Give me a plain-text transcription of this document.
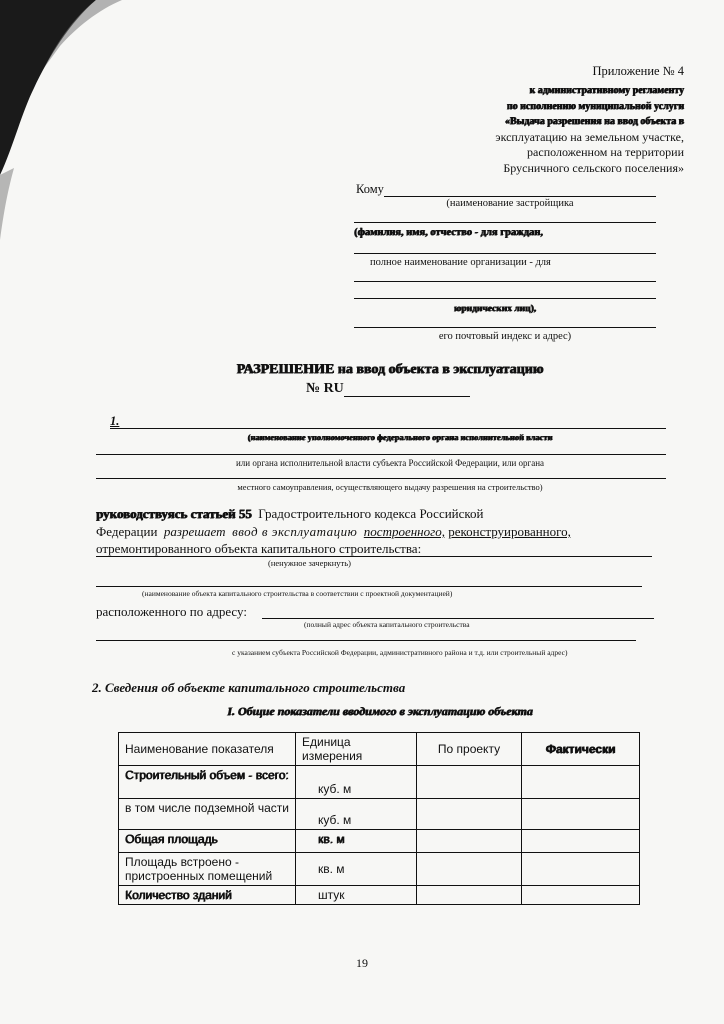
Приложение № 4
к административному регламенту
по исполнению муниципальной услуги
«Выдача разрешения на ввод объекта в
эксплуатацию на земельном участке,
расположенном на территории
Брусничного сельского поселения»
Кому
(наименование застройщика
(фамилия, имя, отчество - для граждан,
полное наименование организации - для
юридических лиц),
его почтовый индекс и адрес)
РАЗРЕШЕНИЕ на ввод объекта в эксплуатацию
№ RU
1.
(наименование уполномоченного федерального органа исполнительной власти
или органа исполнительной власти субъекта Российской Федерации, или органа
местного самоуправления, осуществляющего выдачу разрешения на строительство)
руководствуясь статьей 55 Градостроительного кодекса Российской
Федерации разрешает ввод в эксплуатацию построенного, реконструированного,
отремонтированного объекта капитального строительства:
(ненужное зачеркнуть)
(наименование объекта капитального строительства в соответствии с проектной документацией)
расположенного по адресу:
(полный адрес объекта капитального строительства
с указанием субъекта Российской Федерации, административного района и т.д. или строительный адрес)
2. Сведения об объекте капитального строительства
I. Общие показатели вводимого в эксплуатацию объекта
Наименование показателя	Единица измерения	По проекту	Фактически
Строительный объем - всего:	куб. м		
в том числе подземной части	куб. м		
Общая площадь	кв. м		
Площадь встроено - пристроенных помещений	кв. м		
Количество зданий	штук		
19
